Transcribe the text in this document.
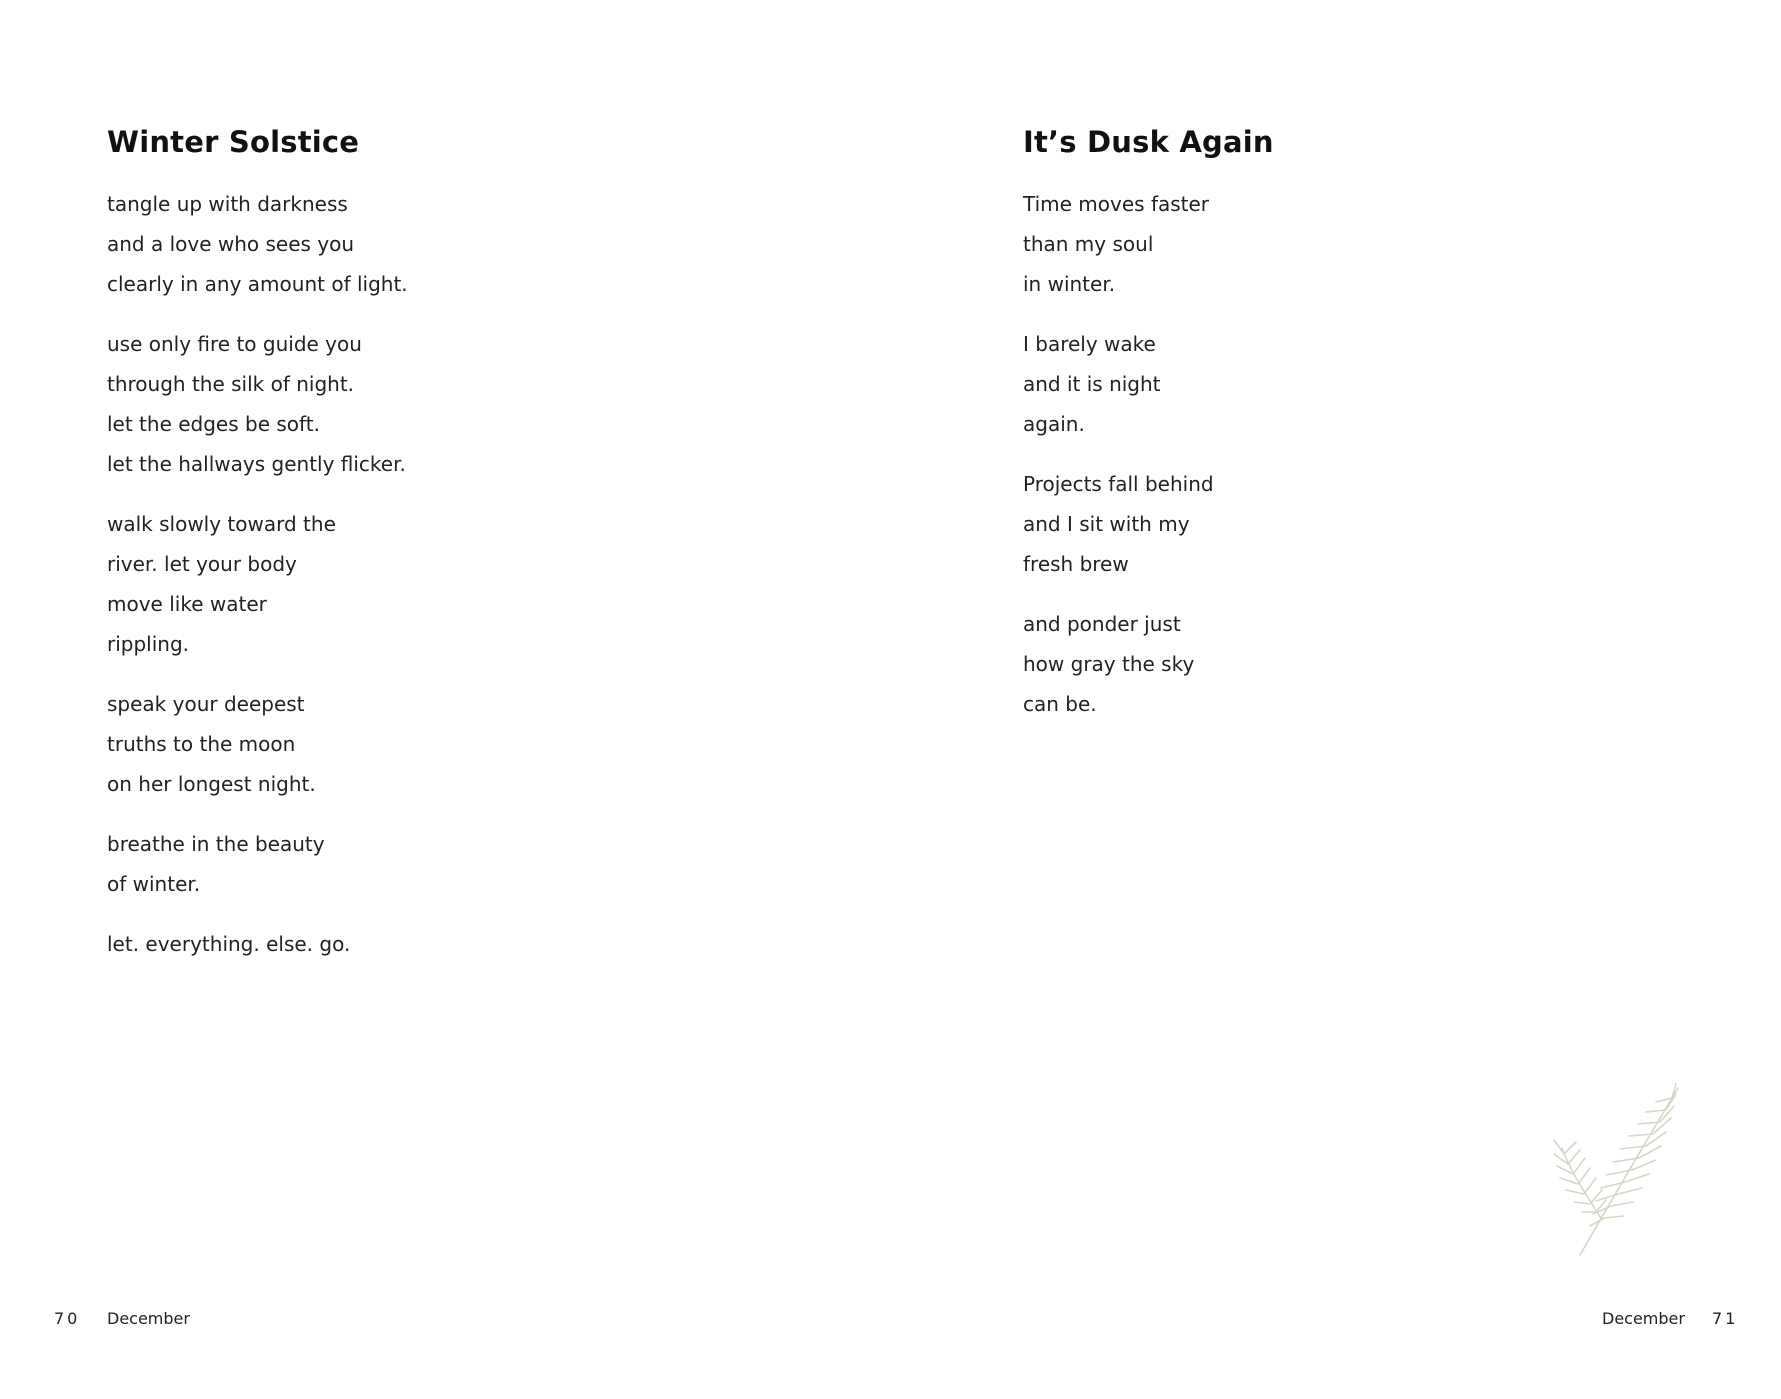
Winter Solstice
tangle up with darkness
and a love who sees you
clearly in any amount of light.
use only fire to guide you
through the silk of night.
let the edges be soft.
let the hallways gently flicker.
walk slowly toward the
river. let your body
move like water
rippling.
speak your deepest
truths to the moon
on her longest night.
breathe in the beauty
of winter.
let. everything. else. go.
70 December
It’s Dusk Again
Time moves faster
than my soul
in winter.
I barely wake
and it is night
again.
Projects fall behind
and I sit with my
fresh brew
and ponder just
how gray the sky
can be.
December 71
